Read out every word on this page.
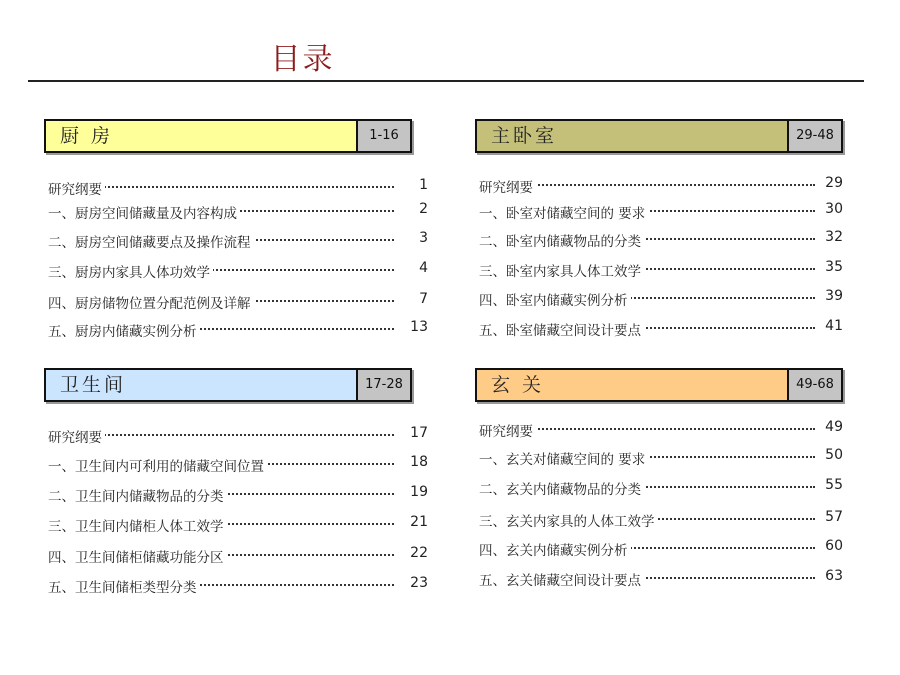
目录
厨 房	1-16	主卧室	29-48
卫生间	17-28	玄 关	49-68
研究纲要	1
一、厨房空间储藏量及内容构成	2
二、厨房空间储藏要点及操作流程	3
三、厨房内家具人体功效学	4
四、厨房储物位置分配范例及详解	7
五、厨房内储藏实例分析	13
研究纲要	29
一、卧室对储藏空间的 要求	30
二、卧室内储藏物品的分类	32
三、卧室内家具人体工效学	35
四、卧室内储藏实例分析	39
五、卧室储藏空间设计要点	41
研究纲要	17
一、卫生间内可利用的储藏空间位置	18
二、卫生间内储藏物品的分类	19
三、卫生间内储柜人体工效学	21
四、卫生间储柜储藏功能分区	22
五、卫生间储柜类型分类	23
研究纲要	49
一、玄关对储藏空间的 要求	50
二、玄关内储藏物品的分类	55
三、玄关内家具的人体工效学	57
四、玄关内储藏实例分析	60
五、玄关储藏空间设计要点	63
